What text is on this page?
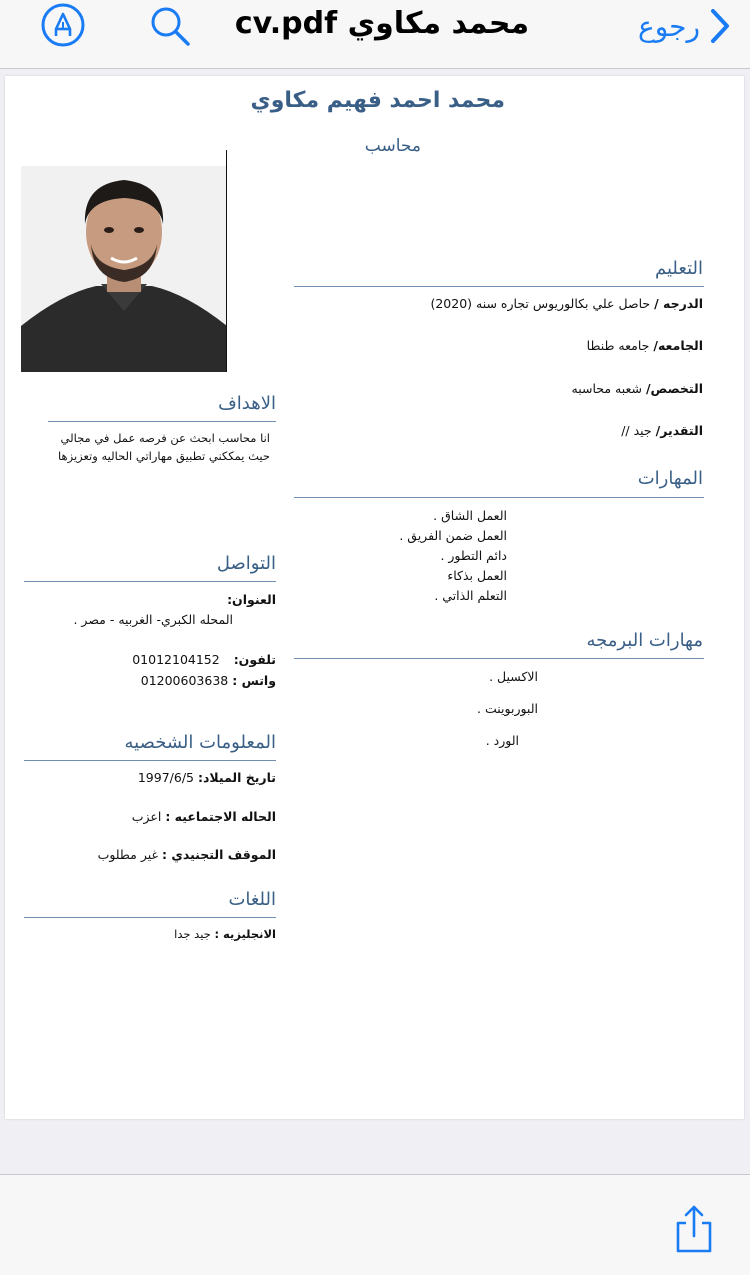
رجوع
cv.pdf محمد مكاوي
محمد احمد فهيم مكاوي
محاسب
التعليم
الدرجه / حاصل علي بكالوريوس تجاره سنه (2020)
الجامعه/ جامعه طنطا
التخصص/ شعبه محاسبه
التقدير/ جيد //
المهارات
العمل الشاق .
العمل ضمن الفريق .
دائم التطور .
العمل بذكاء
التعلم الذاتي .
مهارات البرمجه
الاكسيل .
البوربوينت .
الورد .
الاهداف
انا محاسب ابحث عن فرصه عمل في مجالي
حيث يمككني تطبيق مهاراتي الحاليه وتعزيزها
التواصل
العنوان:
المحله الكبري- الغربيه - مصر .
تلفون:  01012104152
واتس : 01200603638
المعلومات الشخصيه
تاريخ الميلاد: 1997/6/5
الحاله الاجتماعيه : اعزب
الموقف التجنيدي : غير مطلوب
اللغات
الانجليزيه : جيد جدا
